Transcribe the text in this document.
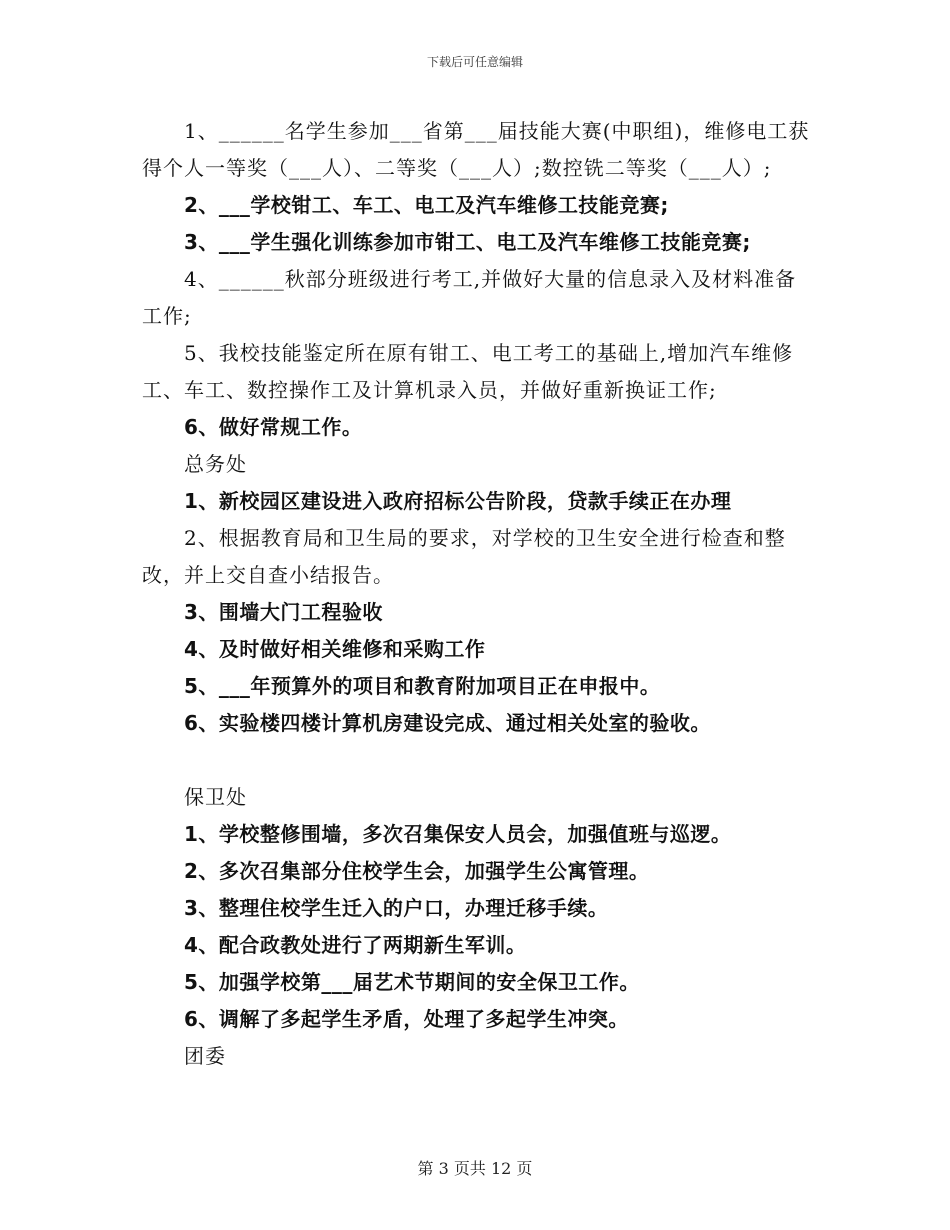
下载后可任意编辑

1、______名学生参加___省第___届技能大赛(中职组)，维修电工获得个人一等奖（___人）、二等奖（___人）;数控铣二等奖（___人）;

2、___学校钳工、车工、电工及汽车维修工技能竞赛;

3、___学生强化训练参加市钳工、电工及汽车维修工技能竞赛;

4、______秋部分班级进行考工,并做好大量的信息录入及材料准备工作;

5、我校技能鉴定所在原有钳工、电工考工的基础上,增加汽车维修工、车工、数控操作工及计算机录入员，并做好重新换证工作;

6、做好常规工作。

总务处

1、新校园区建设进入政府招标公告阶段，贷款手续正在办理

2、根据教育局和卫生局的要求，对学校的卫生安全进行检查和整改，并上交自查小结报告。

3、围墙大门工程验收

4、及时做好相关维修和采购工作

5、___年预算外的项目和教育附加项目正在申报中。

6、实验楼四楼计算机房建设完成、通过相关处室的验收。

保卫处

1、学校整修围墙，多次召集保安人员会，加强值班与巡逻。

2、多次召集部分住校学生会，加强学生公寓管理。

3、整理住校学生迁入的户口，办理迁移手续。

4、配合政教处进行了两期新生军训。

5、加强学校第___届艺术节期间的安全保卫工作。

6、调解了多起学生矛盾，处理了多起学生冲突。

团委

第 3 页共 12 页
